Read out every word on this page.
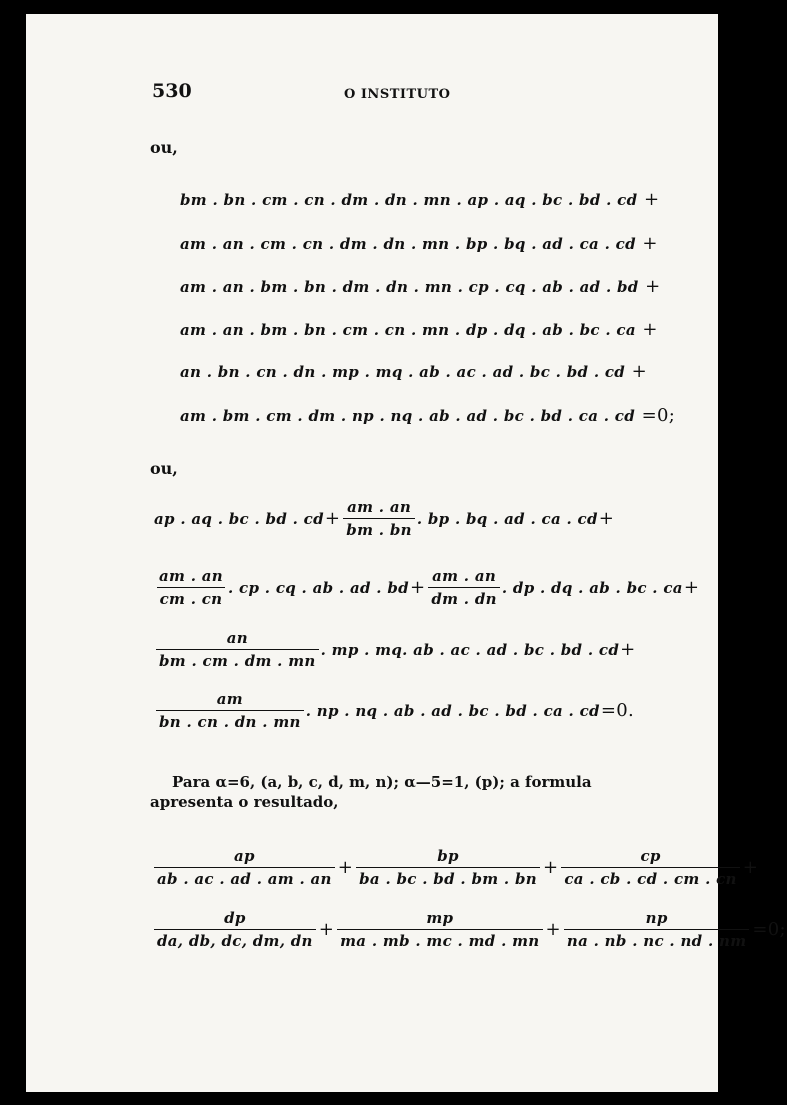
530	O INSTITUTO
ou,
bm . bn . cm . cn . dm . dn . mn . ap . aq . bc . bd . cd +
am . an . cm . cn . dm . dn . mn . bp . bq . ad . ca . cd +
am . an . bm . bn . dm . dn . mn . cp . cq . ab . ad . bd +
am . an . bm . bn . cm . cn . mn . dp . dq . ab . bc . ca +
an . bn . cn . dn . mp . mq . ab . ac . ad . bc . bd . cd +
am . bm . cm . dm . np . nq . ab . ad . bc . bd . ca . cd =0;
ou,
ap . aq . bc . bd . cd + $\frac{am . an}{bm . bn}$ . bp . bq . ad . ca . cd +
$\frac{am . an}{cm . cn}$ . cp . cq . ab . ad . bd + $\frac{am . an}{dm . dn}$ . dp . dq . ab . bc . ca +
$\frac{an}{bm . cm . dm . mn}$ . mp . mq. ab . ac . ad . bc . bd . cd +
$\frac{am}{bn . cn . dn . mn}$ . np . nq . ab . ad . bc . bd . ca . cd =0.
Para α=6, (a, b, c, d, m, n); α—5=1, (p); a formula
apresenta o resultado,
$\frac{ap}{ab . ac . ad . am . an} + \frac{bp}{ba . bc . bd . bm . bn} + \frac{cp}{ca . cb . cd . cm . cn}$ +
$\frac{dp}{da, db, dc, dm, dn} + \frac{mp}{ma . mb . mc . md . mn} + \frac{np}{na . nb . nc . nd . nm} =0$;
